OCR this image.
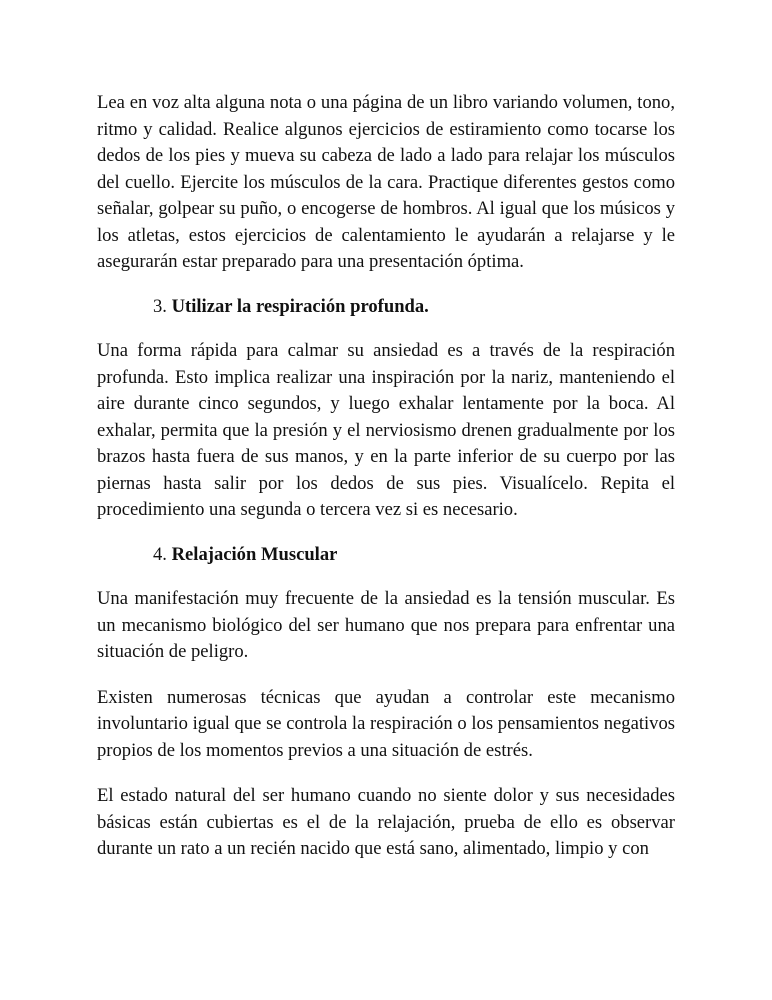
Lea en voz alta alguna nota o una página de un libro variando volumen, tono, ritmo y calidad. Realice algunos ejercicios de estiramiento como tocarse los dedos de los pies y mueva su cabeza de lado a lado para relajar los músculos del cuello. Ejercite los músculos de la cara. Practique diferentes gestos como señalar, golpear su puño, o encogerse de hombros. Al igual que los músicos y los atletas, estos ejercicios de calentamiento le ayudarán a relajarse y le asegurarán estar preparado para una presentación óptima.

3. Utilizar la respiración profunda.

Una forma rápida para calmar su ansiedad es a través de la respiración profunda. Esto implica realizar una inspiración por la nariz, manteniendo el aire durante cinco segundos, y luego exhalar lentamente por la boca. Al exhalar, permita que la presión y el nerviosismo drenen gradualmente por los brazos hasta fuera de sus manos, y en la parte inferior de su cuerpo por las piernas hasta salir por los dedos de sus pies. Visualícelo. Repita el procedimiento una segunda o tercera vez si es necesario.

4. Relajación Muscular

Una manifestación muy frecuente de la ansiedad es la tensión muscular. Es un mecanismo biológico del ser humano que nos prepara para enfrentar una situación de peligro.

Existen numerosas técnicas que ayudan a controlar este mecanismo involuntario igual que se controla la respiración o los pensamientos negativos propios de los momentos previos a una situación de estrés.

El estado natural del ser humano cuando no siente dolor y sus necesidades básicas están cubiertas es el de la relajación, prueba de ello es observar durante un rato a un recién nacido que está sano, alimentado, limpio y con
